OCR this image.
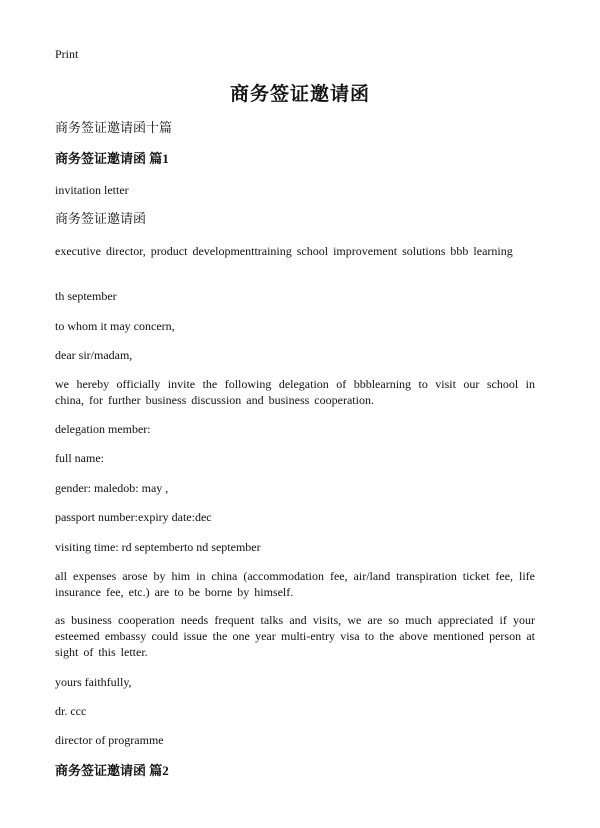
Print
商务签证邀请函

商务签证邀请函十篇

商务签证邀请函 篇1

invitation letter

商务签证邀请函

executive director, product developmenttraining school improvement solutions bbb learning

th september

to whom it may concern,

dear sir/madam,

we hereby officially invite the following delegation of bbblearning to visit our school in china, for further business discussion and business cooperation.

delegation member:

full name:

gender: maledob: may ,

passport number:expiry date:dec

visiting time: rd septemberto nd september

all expenses arose by him in china (accommodation fee, air/land transpiration ticket fee, life insurance fee, etc.) are to be borne by himself.

as business cooperation needs frequent talks and visits, we are so much appreciated if your esteemed embassy could issue the one year multi-entry visa to the above mentioned person at sight of this letter.

yours faithfully,

dr. ccc

director of programme

商务签证邀请函 篇2
